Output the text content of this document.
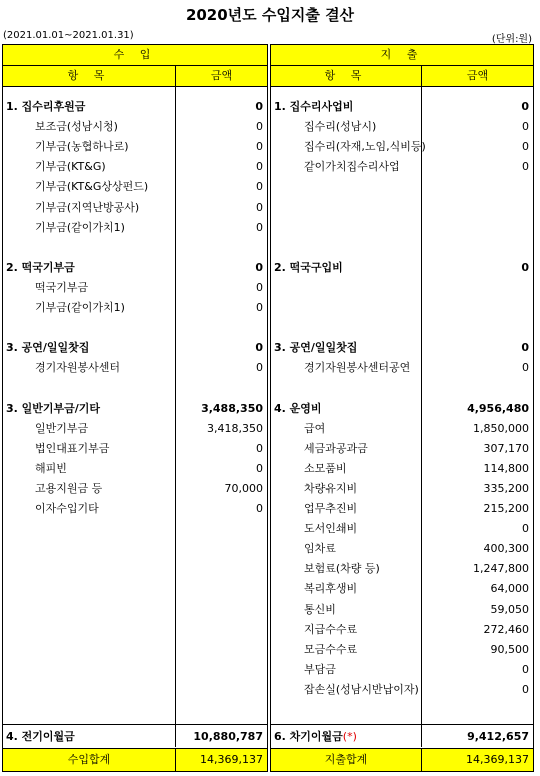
2020년도 수입지출 결산
(2021.01.01~2021.01.31)	(단위:원)
수 입
항 목	금액
1. 집수리후원금	0
보조금(성남시청)	0
기부금(농협하나로)	0
기부금(KT&G)	0
기부금(KT&G상상펀드)	0
기부금(지역난방공사)	0
기부금(같이가치1)	0
2. 떡국기부금	0
떡국기부금	0
기부금(같이가치1)	0
3. 공연/일일찻집	0
경기자원봉사센터	0
3. 일반기부금/기타	3,488,350
일반기부금	3,418,350
법인대표기부금	0
해피빈	0
고용지원금 등	70,000
이자수입기타	0
4. 전기이월금	10,880,787
수입합계	14,369,137
지 출
항 목	금액
1. 집수리사업비	0
집수리(성남시)	0
집수리(자재,노임,식비등)	0
같이가치집수리사업	0
2. 떡국구입비	0
3. 공연/일일찻집	0
경기자원봉사센터공연	0
4. 운영비	4,956,480
급여	1,850,000
세금과공과금	307,170
소모품비	114,800
차량유지비	335,200
업무추진비	215,200
도서인쇄비	0
임차료	400,300
보험료(차량 등)	1,247,800
복리후생비	64,000
통신비	59,050
지급수수료	272,460
모금수수료	90,500
부담금	0
잡손실(성남시반납이자)	0
6. 차기이월금(*)	9,412,657
지출합계	14,369,137
